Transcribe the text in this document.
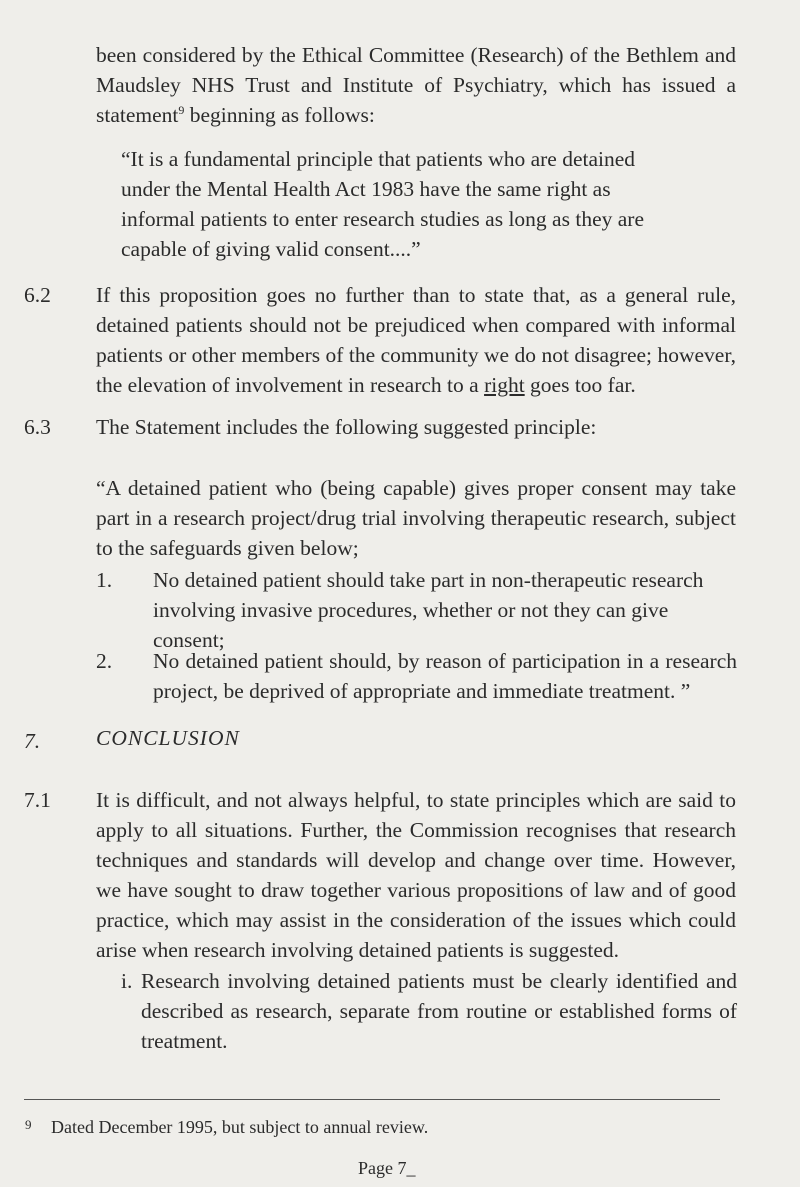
been considered by the Ethical Committee (Research) of the Bethlem and Maudsley NHS Trust and Institute of Psychiatry, which has issued a statement$^9$ beginning as follows:
“It is a fundamental principle that patients who are detained under the Mental Health Act 1983 have the same right as informal patients to enter research studies as long as they are capable of giving valid consent....”
6.2 If this proposition goes no further than to state that, as a general rule, detained patients should not be prejudiced when compared with informal patients or other members of the community we do not disagree; however, the elevation of involvement in research to a right goes too far.
6.3 The Statement includes the following suggested principle:
“A detained patient who (being capable) gives proper consent may take part in a research project/drug trial involving therapeutic research, subject to the safeguards given below;
1. No detained patient should take part in non-therapeutic research involving invasive procedures, whether or not they can give consent;
2. No detained patient should, by reason of participation in a research project, be deprived of appropriate and immediate treatment. ”
7.	CONCLUSION
7.1 It is difficult, and not always helpful, to state principles which are said to apply to all situations. Further, the Commission recognises that research techniques and standards will develop and change over time. However, we have sought to draw together various propositions of law and of good practice, which may assist in the consideration of the issues which could arise when research involving detained patients is suggested.
i. Research involving detained patients must be clearly identified and described as research, separate from routine or established forms of treatment.
9 Dated December 1995, but subject to annual review.
Page 7_
